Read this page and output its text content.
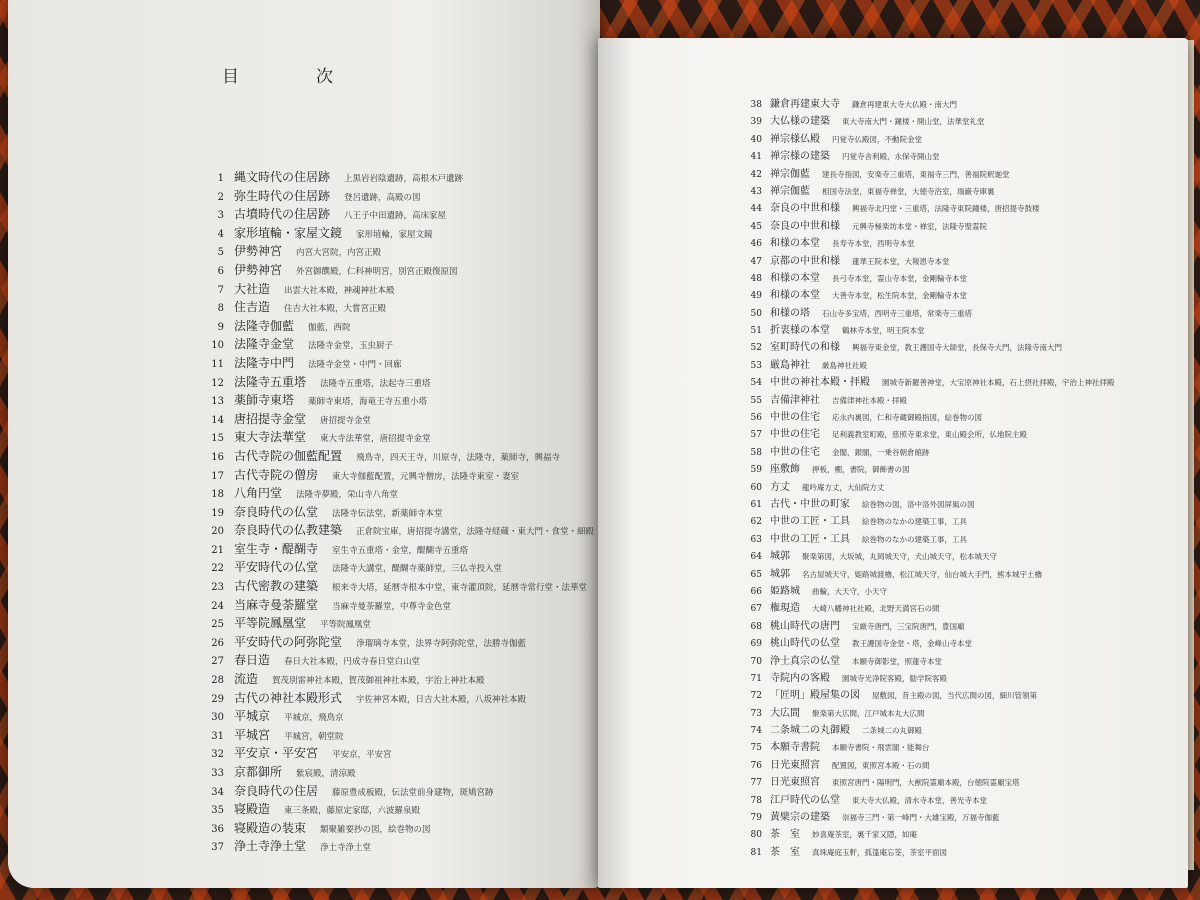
目　次
1 縄文時代の住居跡 上黒岩岩陰遺跡，高根木戸遺跡
2 弥生時代の住居跡 登呂遺跡，高殿の図
3 古墳時代の住居跡 八王子中田遺跡，高床家屋
4 家形埴輪・家屋文鏡 家形埴輪，家屋文鏡
5 伊勢神宮 内宮大宮院，内宮正殿
6 伊勢神宮 外宮御饌殿，仁科神明宮，別宮正殿復原図
7 大社造 出雲大社本殿，神魂神社本殿
8 住吉造 住吉大社本殿，大嘗宮正殿
9 法隆寺伽藍 伽藍，西院
10 法隆寺金堂 法隆寺金堂，玉虫厨子
11 法隆寺中門 法隆寺金堂・中門・回廊
12 法隆寺五重塔 法隆寺五重塔，法起寺三重塔
13 薬師寺東塔 薬師寺東塔，海竜王寺五重小塔
14 唐招提寺金堂 唐招提寺金堂
15 東大寺法華堂 東大寺法華堂，唐招提寺金堂
16 古代寺院の伽藍配置 飛鳥寺，四天王寺，川原寺，法隆寺，薬師寺，興福寺
17 古代寺院の僧房 東大寺伽藍配置，元興寺僧房，法隆寺東室・妻室
18 八角円堂 法隆寺夢殿，栄山寺八角堂
19 奈良時代の仏堂 法隆寺伝法堂，新薬師寺本堂
20 奈良時代の仏教建築 正倉院宝庫，唐招提寺講堂，法隆寺経蔵・東大門・食堂・細殿
21 室生寺・醍醐寺 室生寺五重塔・金堂，醍醐寺五重塔
22 平安時代の仏堂 法隆寺大講堂，醍醐寺薬師堂，三仏寺投入堂
23 古代密教の建築 根来寺大塔，延暦寺根本中堂，東寺灌頂院，延暦寺常行堂・法華堂
24 当麻寺曼荼羅堂 当麻寺曼荼羅堂，中尊寺金色堂
25 平等院鳳凰堂 平等院鳳凰堂
26 平安時代の阿弥陀堂 浄瑠璃寺本堂，法界寺阿弥陀堂，法勝寺伽藍
27 春日造 春日大社本殿，円成寺春日堂白山堂
28 流造 賀茂別雷神社本殿，賀茂御祖神社本殿，宇治上神社本殿
29 古代の神社本殿形式 宇佐神宮本殿，日吉大社本殿，八坂神社本殿
30 平城京 平城京，飛鳥京
31 平城宮 平城宮，朝堂院
32 平安京・平安宮 平安京，平安宮
33 京都御所 紫宸殿，清涼殿
34 奈良時代の住居 藤原豊成板殿，伝法堂前身建物，斑鳩宮跡
35 寝殿造 東三条殿，藤原定家邸，六波羅泉殿
36 寝殿造の装束 類聚雑要抄の図，絵巻物の図
37 浄土寺浄土堂 浄土寺浄土堂
38 鎌倉再建東大寺 鎌倉再建東大寺大仏殿・南大門
39 大仏様の建築 東大寺南大門・鐘楼・開山堂，法華堂礼堂
40 禅宗様仏殿 円覚寺仏殿図，不動院金堂
41 禅宗様の建築 円覚寺舎利殿，永保寺開山堂
42 禅宗伽藍 建長寺指図，安楽寺三重塔，東福寺三門，善福院釈迦堂
43 禅宗伽藍 相国寺法堂，東福寺禅堂，大徳寺浴室，瑞巌寺庫裏
44 奈良の中世和様 興福寺北円堂・三重塔，法隆寺東院鐘楼，唐招提寺鼓楼
45 奈良の中世和様 元興寺極楽坊本堂・禅室，法隆寺聖霊院
46 和様の本堂 長寿寺本堂，西明寺本堂
47 京都の中世和様 蓮華王院本堂，大報恩寺本堂
48 和様の本堂 長弓寺本堂，霊山寺本堂，金剛輪寺本堂
49 和様の本堂 大善寺本堂，松生院本堂，金剛輪寺本堂
50 和様の塔 石山寺多宝塔，西明寺三重塔，常楽寺三重塔
51 折衷様の本堂 鶴林寺本堂，明王院本堂
52 室町時代の和様 興福寺東金堂，教王護国寺大師堂，長保寺大門，法隆寺南大門
53 厳島神社 厳島神社社殿
54 中世の神社本殿・拝殿 園城寺新羅善神堂，大宝原神社本殿，石上摂社拝殿，宇治上神社拝殿
55 吉備津神社 吉備津神社本殿・拝殿
56 中世の住宅 応永内裏図，仁和寺蔵御殿指図，絵巻物の図
57 中世の住宅 足利義教室町殿，慈照寺東求堂，東山殿会所，仏地院主殿
58 中世の住宅 金閣，銀閣，一乗谷朝倉館跡
59 座敷飾 押板，棚，書院，御飾書の図
60 方丈 龍吟庵方丈，大仙院方丈
61 古代・中世の町家 絵巻物の図，洛中洛外図屏風の図
62 中世の工匠・工具 絵巻物のなかの建築工事，工具
63 中世の工匠・工具 絵巻物のなかの建築工事，工具
64 城郭 聚楽第図，大坂城，丸岡城天守，犬山城天守，松本城天守
65 城郭 名古屋城天守，姫路城渡櫓，松江城天守，仙台城大手門，熊本城宇土櫓
66 姫路城 曲輪，大天守，小天守
67 権現造 大崎八幡神社社殿，北野天満宮石の間
68 桃山時代の唐門 宝厳寺唐門，三宝院唐門，豊国廟
69 桃山時代の仏堂 教王護国寺金堂・塔，金峰山寺本堂
70 浄土真宗の仏堂 本願寺御影堂，照蓮寺本堂
71 寺院内の客殿 園城寺光浄院客殿，勧学院客殿
72 「匠明」殿屋集の図 屋敷図，昔主殿の図，当代広間の図，細川管領第
73 大広間 聚楽第大広間，江戸城本丸大広間
74 二条城二の丸御殿 二条城二の丸御殿
75 本願寺書院 本願寺書院・飛雲閣・能舞台
76 日光東照宮 配置図，東照宮本殿・石の間
77 日光東照宮 東照宮唐門・陽明門，大猷院霊廟本殿，台徳院霊廟宝塔
78 江戸時代の仏堂 東大寺大仏殿，清水寺本堂，善光寺本堂
79 黄檗宗の建築 崇福寺三門・第一峰門・大雄宝殿，万福寺伽藍
80 茶　室 妙喜庵茶室，裏千家又隠，如庵
81 茶　室 真珠庵庭玉軒，孤篷庵忘筌，茶室平面図
